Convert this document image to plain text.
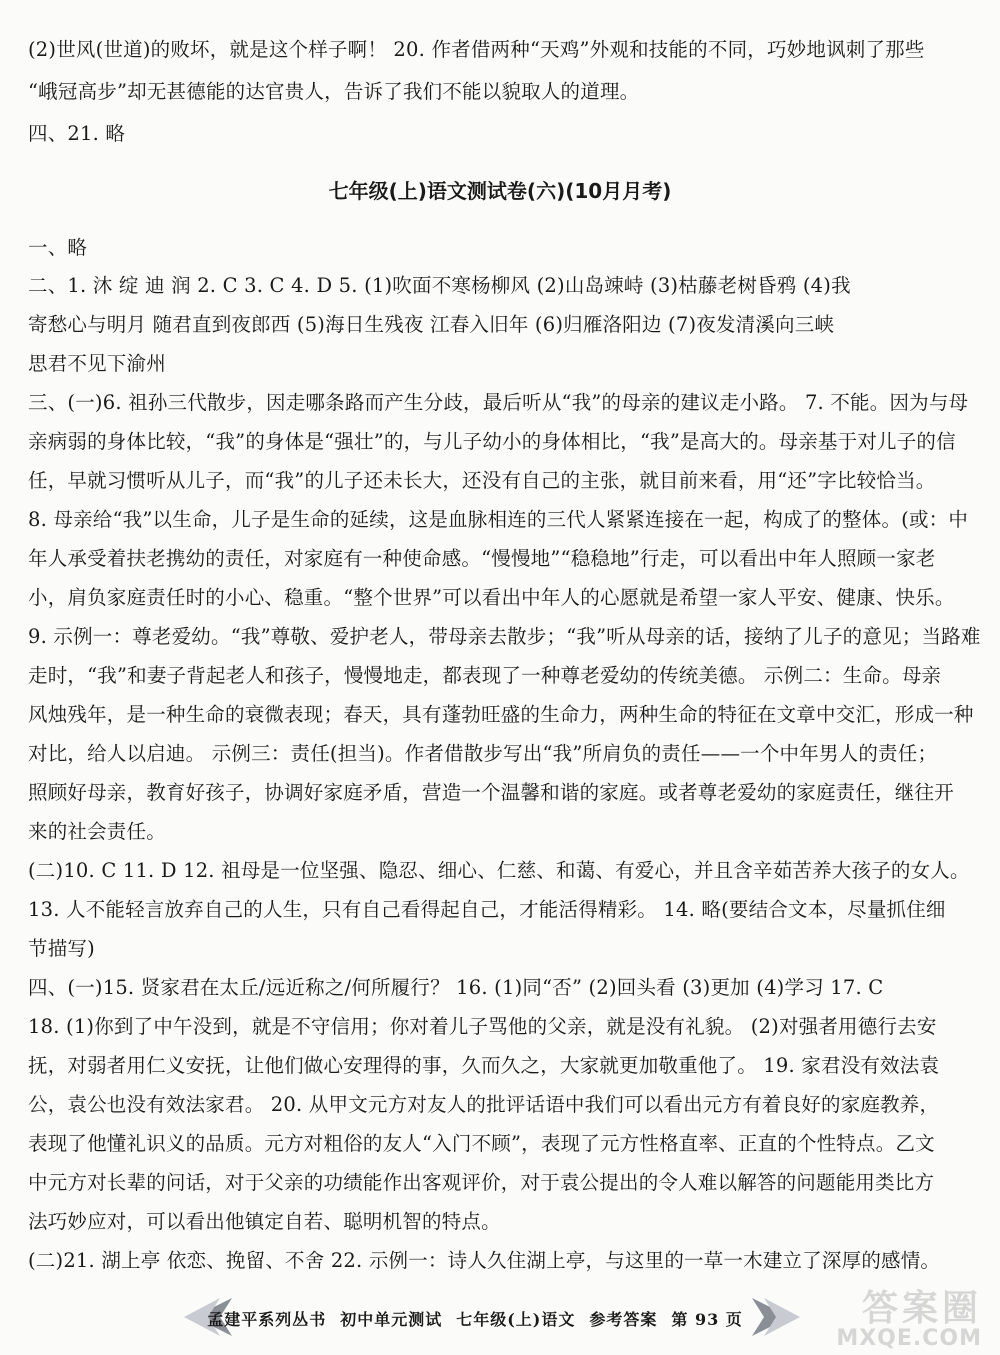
(2)世风(世道)的败坏，就是这个样子啊！ 20. 作者借两种“天鸡”外观和技能的不同，巧妙地讽刺了那些
“峨冠高步”却无甚德能的达官贵人，告诉了我们不能以貌取人的道理。
四、21. 略
七年级(上)语文测试卷(六)(10月月考)
一、略
二、1. 沐 绽 迪 润 2. C 3. C 4. D 5. (1)吹面不寒杨柳风 (2)山岛竦峙 (3)枯藤老树昏鸦 (4)我
寄愁心与明月 随君直到夜郎西 (5)海日生残夜 江春入旧年 (6)归雁洛阳边 (7)夜发清溪向三峡
思君不见下渝州
三、(一)6. 祖孙三代散步，因走哪条路而产生分歧，最后听从“我”的母亲的建议走小路。 7. 不能。因为与母
亲病弱的身体比较，“我”的身体是“强壮”的，与儿子幼小的身体相比，“我”是高大的。母亲基于对儿子的信
任，早就习惯听从儿子，而“我”的儿子还未长大，还没有自己的主张，就目前来看，用“还”字比较恰当。
8. 母亲给“我”以生命，儿子是生命的延续，这是血脉相连的三代人紧紧连接在一起，构成了的整体。(或：中
年人承受着扶老携幼的责任，对家庭有一种使命感。“慢慢地”“稳稳地”行走，可以看出中年人照顾一家老
小，肩负家庭责任时的小心、稳重。“整个世界”可以看出中年人的心愿就是希望一家人平安、健康、快乐。
9. 示例一：尊老爱幼。“我”尊敬、爱护老人，带母亲去散步；“我”听从母亲的话，接纳了儿子的意见；当路难
走时，“我”和妻子背起老人和孩子，慢慢地走，都表现了一种尊老爱幼的传统美德。 示例二：生命。母亲
风烛残年，是一种生命的衰微表现；春天，具有蓬勃旺盛的生命力，两种生命的特征在文章中交汇，形成一种
对比，给人以启迪。 示例三：责任(担当)。作者借散步写出“我”所肩负的责任——一个中年男人的责任；
照顾好母亲，教育好孩子，协调好家庭矛盾，营造一个温馨和谐的家庭。或者尊老爱幼的家庭责任，继往开
来的社会责任。
(二)10. C 11. D 12. 祖母是一位坚强、隐忍、细心、仁慈、和蔼、有爱心，并且含辛茹苦养大孩子的女人。
13. 人不能轻言放弃自己的人生，只有自己看得起自己，才能活得精彩。 14. 略(要结合文本，尽量抓住细
节描写)
四、(一)15. 贤家君在太丘/远近称之/何所履行？ 16. (1)同“否” (2)回头看 (3)更加 (4)学习 17. C
18. (1)你到了中午没到，就是不守信用；你对着儿子骂他的父亲，就是没有礼貌。 (2)对强者用德行去安
抚，对弱者用仁义安抚，让他们做心安理得的事，久而久之，大家就更加敬重他了。 19. 家君没有效法袁
公，袁公也没有效法家君。 20. 从甲文元方对友人的批评话语中我们可以看出元方有着良好的家庭教养，
表现了他懂礼识义的品质。元方对粗俗的友人“入门不顾”，表现了元方性格直率、正直的个性特点。乙文
中元方对长辈的问话，对于父亲的功绩能作出客观评价，对于袁公提出的令人难以解答的问题能用类比方
法巧妙应对，可以看出他镇定自若、聪明机智的特点。
(二)21. 湖上亭 依恋、挽留、不舍 22. 示例一：诗人久住湖上亭，与这里的一草一木建立了深厚的感情。
孟建平系列丛书 初中单元测试 七年级(上)语文 参考答案 第 93 页	答案圈
MXQE.COM
